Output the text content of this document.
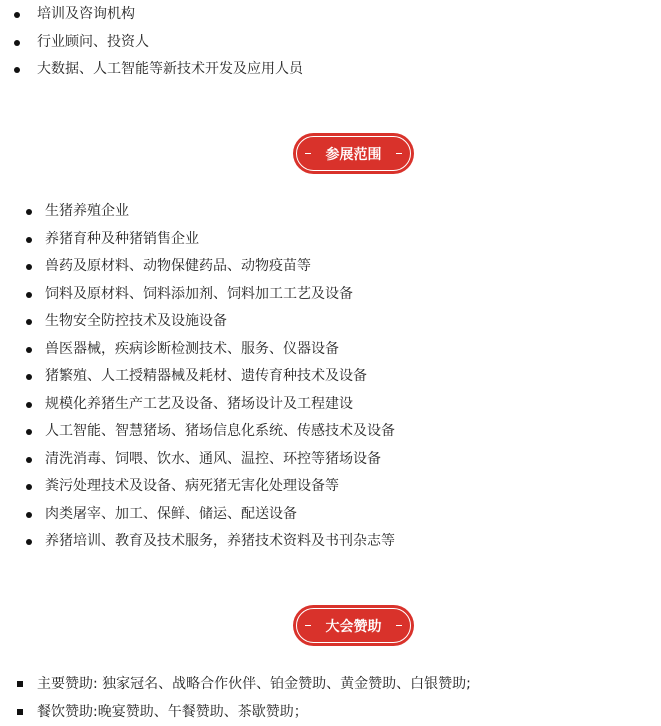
培训及咨询机构
行业顾问、投资人
大数据、人工智能等新技术开发及应用人员
参展范围
生猪养殖企业
养猪育种及种猪销售企业
兽药及原材料、动物保健药品、动物疫苗等
饲料及原材料、饲料添加剂、饲料加工工艺及设备
生物安全防控技术及设施设备
兽医器械，疾病诊断检测技术、服务、仪器设备
猪繁殖、人工授精器械及耗材、遗传育种技术及设备
规模化养猪生产工艺及设备、猪场设计及工程建设
人工智能、智慧猪场、猪场信息化系统、传感技术及设备
清洗消毒、饲喂、饮水、通风、温控、环控等猪场设备
粪污处理技术及设备、病死猪无害化处理设备等
肉类屠宰、加工、保鲜、储运、配送设备
养猪培训、教育及技术服务，养猪技术资料及书刊杂志等
大会赞助
主要赞助: 独家冠名、战略合作伙伴、铂金赞助、黄金赞助、白银赞助;
餐饮赞助:晚宴赞助、午餐赞助、茶歇赞助；
